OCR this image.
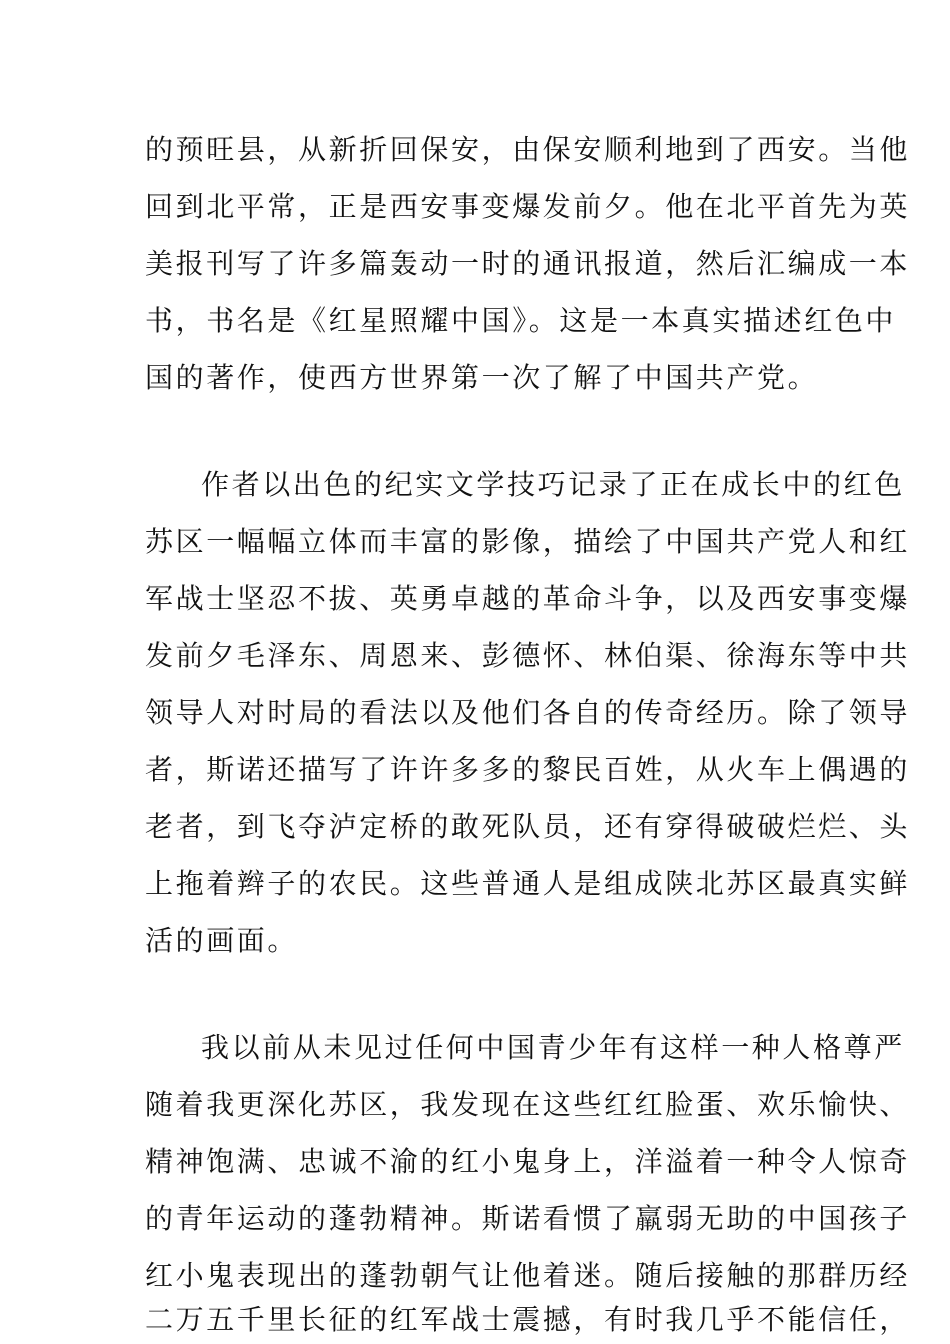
的预旺县，从新折回保安，由保安顺利地到了西安。当他
回到北平常，正是西安事变爆发前夕。他在北平首先为英
美报刊写了许多篇轰动一时的通讯报道，然后汇编成一本
书，书名是《红星照耀中国》。这是一本真实描述红色中
国的著作，使西方世界第一次了解了中国共产党。
作者以出色的纪实文学技巧记录了正在成长中的红色
苏区一幅幅立体而丰富的影像，描绘了中国共产党人和红
军战士坚忍不拔、英勇卓越的革命斗争，以及西安事变爆
发前夕毛泽东、周恩来、彭德怀、林伯渠、徐海东等中共
领导人对时局的看法以及他们各自的传奇经历。除了领导
者，斯诺还描写了许许多多的黎民百姓，从火车上偶遇的
老者，到飞夺泸定桥的敢死队员，还有穿得破破烂烂、头
上拖着辫子的农民。这些普通人是组成陕北苏区最真实鲜
活的画面。
我以前从未见过任何中国青少年有这样一种人格尊严
随着我更深化苏区，我发现在这些红红脸蛋、欢乐愉快、
精神饱满、忠诚不渝的红小鬼身上，洋溢着一种令人惊奇
的青年运动的蓬勃精神。斯诺看惯了羸弱无助的中国孩子
红小鬼表现出的蓬勃朝气让他着迷。随后接触的那群历经
二万五千里长征的红军战士震撼，有时我几乎不能信任，
